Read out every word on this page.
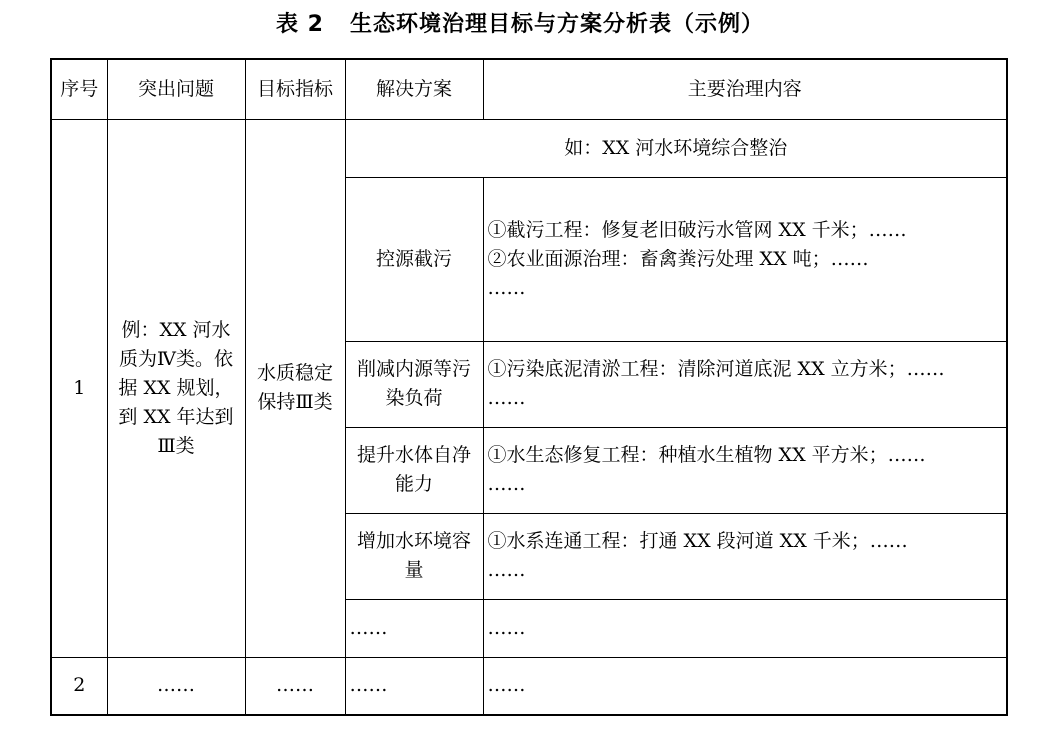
表 2 生态环境治理目标与方案分析表（示例）
序号	突出问题	目标指标	解决方案	主要治理内容
1	例：XX 河水质为Ⅳ类。依据 XX 规划，到 XX 年达到Ⅲ类	水质稳定保持Ⅲ类	如：XX 河水环境综合整治	
			控源截污	①截污工程：修复老旧破污水管网 XX 千米；……
②农业面源治理：畜禽粪污处理 XX 吨；……
……

			削减内源等污染负荷	①污染底泥清淤工程：清除河道底泥 XX 立方米；……
……

			提升水体自净能力	①水生态修复工程：种植水生植物 XX 平方米；……
……

			增加水环境容量	①水系连通工程：打通 XX 段河道 XX 千米；……
……

			……	……

2	……	……	……	……
